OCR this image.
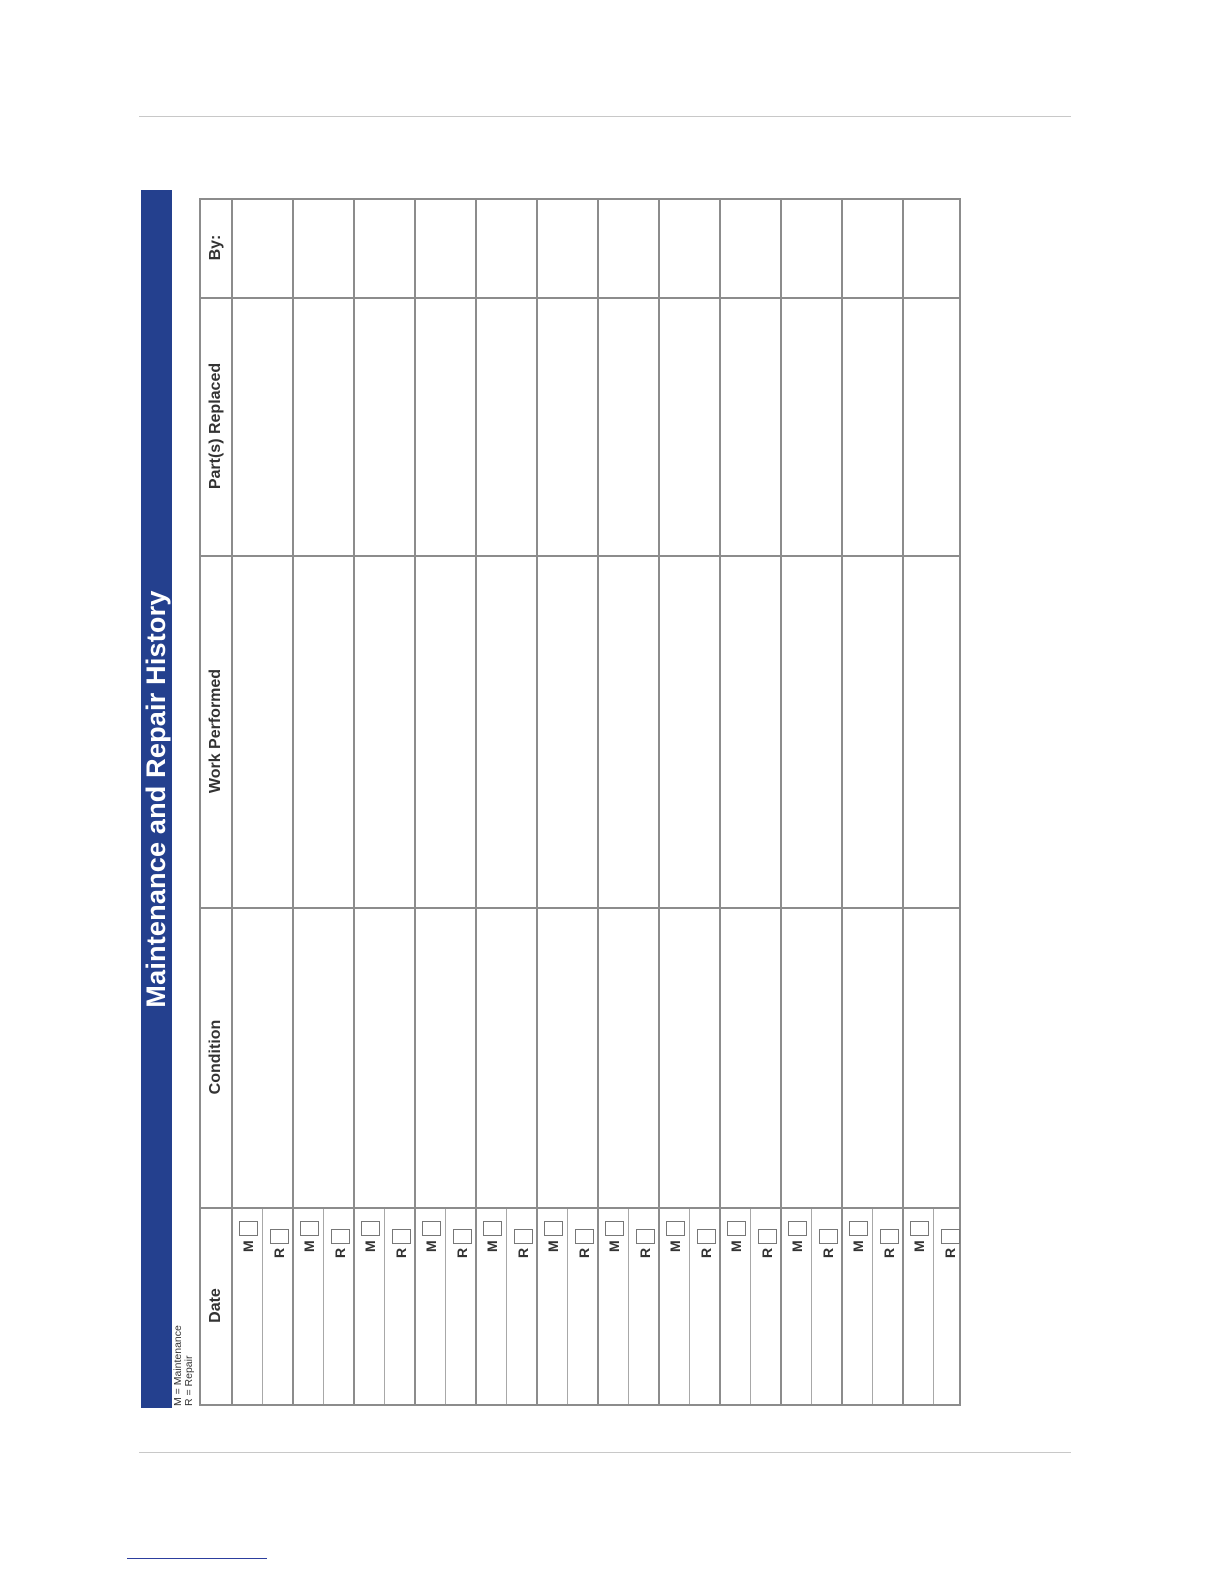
Maintenance and Repair History
M = Maintenance R = Repair
Date
Condition
Work Performed
Part(s) Replaced
By:
M
R
M
R
M
R
M
R
M
R
M
R
M
R
M
R
M
R
M
R
M
R
M
R
